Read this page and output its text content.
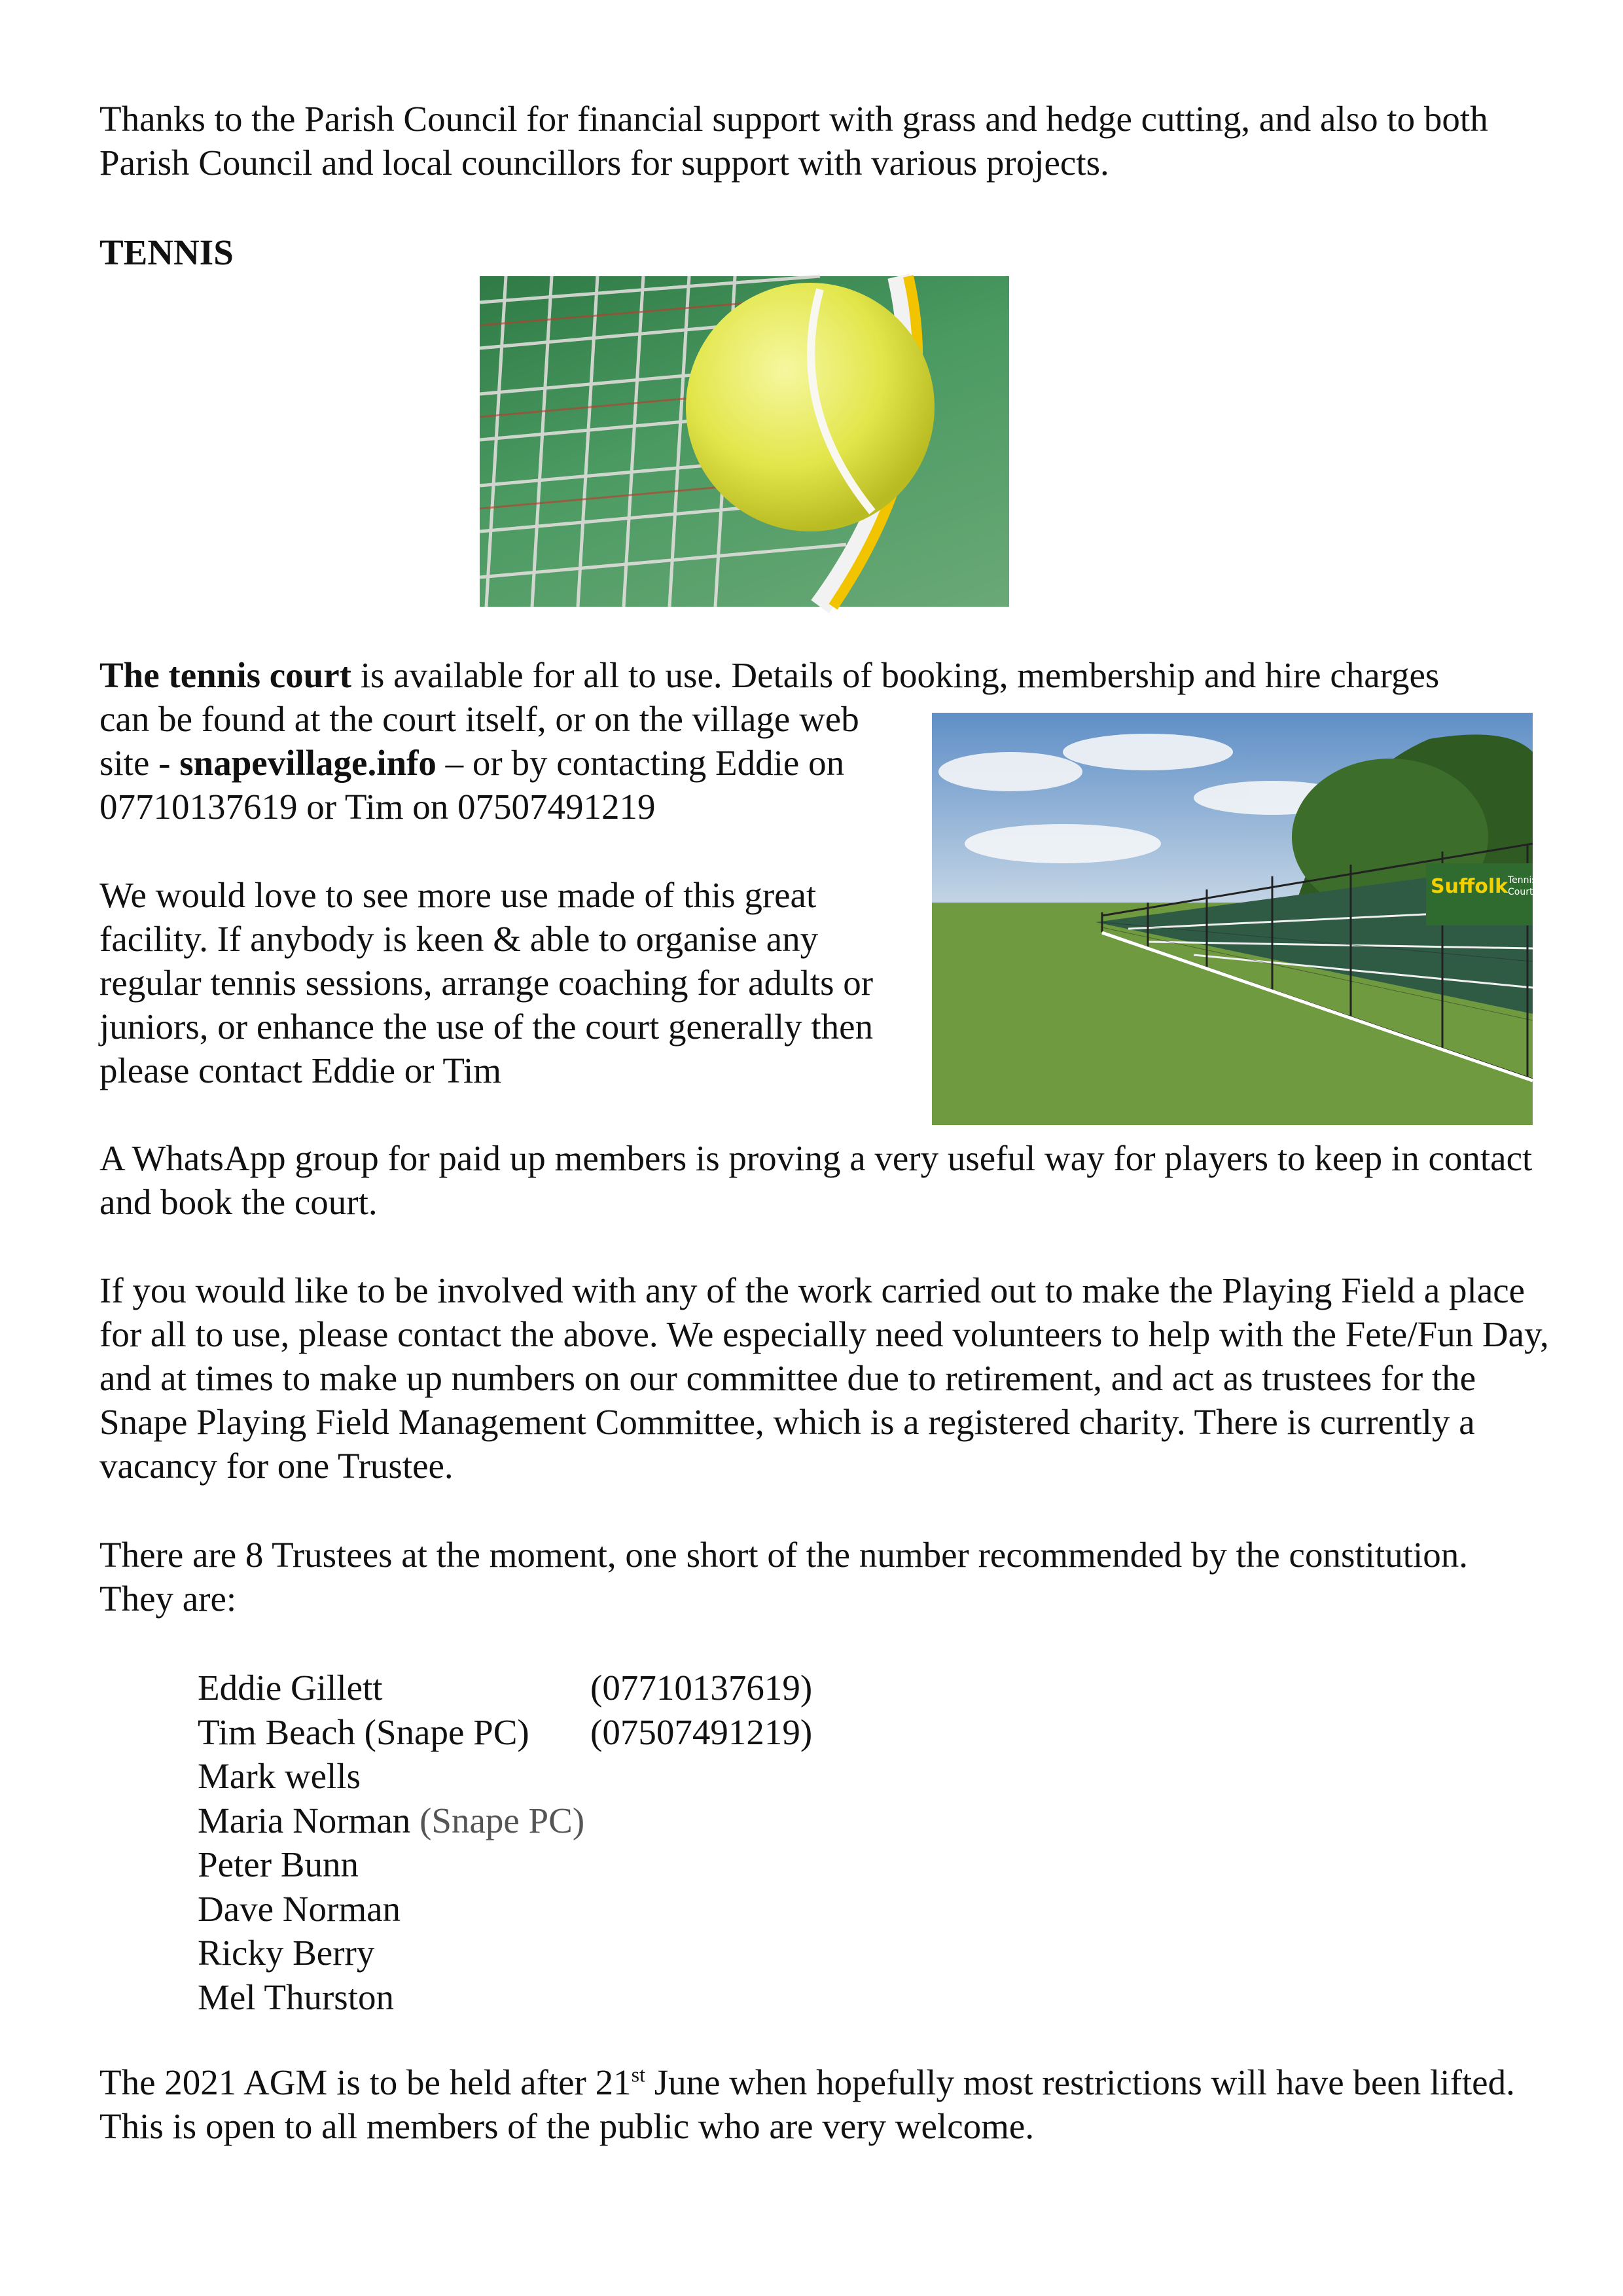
Thanks to the Parish Council for financial support with grass and hedge cutting, and also to both Parish Council and local councillors for support with various projects.

TENNIS

The tennis court is available for all to use. Details of booking, membership and hire charges

can be found at the court itself, or on the village web site - snapevillage.info – or by contacting Eddie on 07710137619 or Tim on 07507491219

Suffolk Tennis
Courts

We would love to see more use made of this great facility. If anybody is keen & able to organise any regular tennis sessions, arrange coaching for adults or juniors, or enhance the use of the court generally then please contact Eddie or Tim

A WhatsApp group for paid up members is proving a very useful way for players to keep in contact and book the court.

If you would like to be involved with any of the work carried out to make the Playing Field a place for all to use, please contact the above. We especially need volunteers to help with the Fete/Fun Day, and at times to make up numbers on our committee due to retirement, and act as trustees for the Snape Playing Field Management Committee, which is a registered charity. There is currently a vacancy for one Trustee.

There are 8 Trustees at the moment, one short of the number recommended by the constitution. They are:

Eddie Gillett	(07710137619)
Tim Beach (Snape PC) (07507491219)
Mark wells
Maria Norman (Snape PC)
Peter Bunn
Dave Norman
Ricky Berry
Mel Thurston

The 2021 AGM is to be held after 21st June when hopefully most restrictions will have been lifted. This is open to all members of the public who are very welcome.
